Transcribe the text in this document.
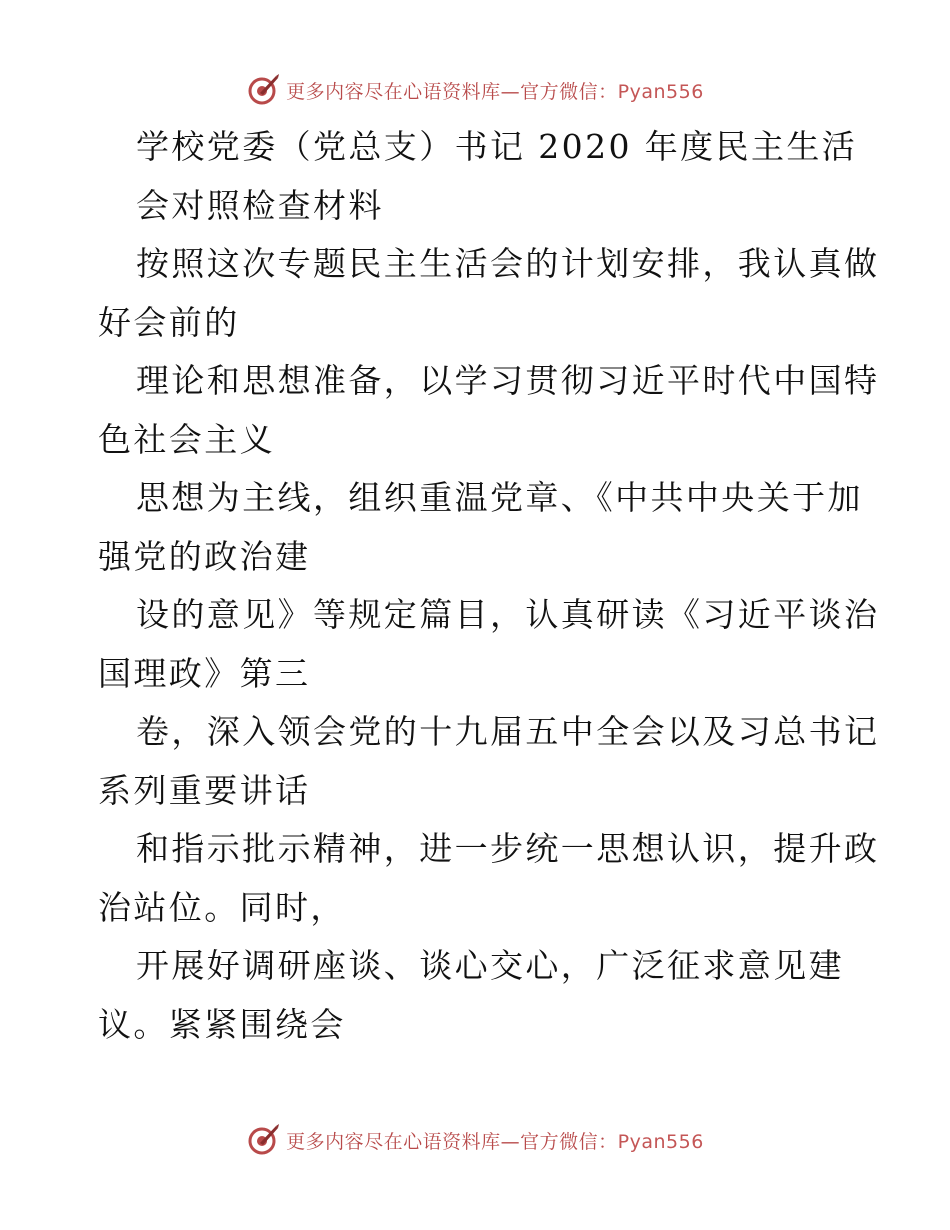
更多内容尽在心语资料库—官方微信：Pyan556
学校党委（党总支）书记 2020 年度民主生活
会对照检查材料
按照这次专题民主生活会的计划安排，我认真做
好会前的
理论和思想准备，以学习贯彻习近平时代中国特
色社会主义
思想为主线，组织重温党章、《中共中央关于加
强党的政治建
设的意见》等规定篇目，认真研读《习近平谈治
国理政》第三
卷，深入领会党的十九届五中全会以及习总书记
系列重要讲话
和指示批示精神，进一步统一思想认识，提升政
治站位。同时，
开展好调研座谈、谈心交心，广泛征求意见建
议。紧紧围绕会
更多内容尽在心语资料库—官方微信：Pyan556
